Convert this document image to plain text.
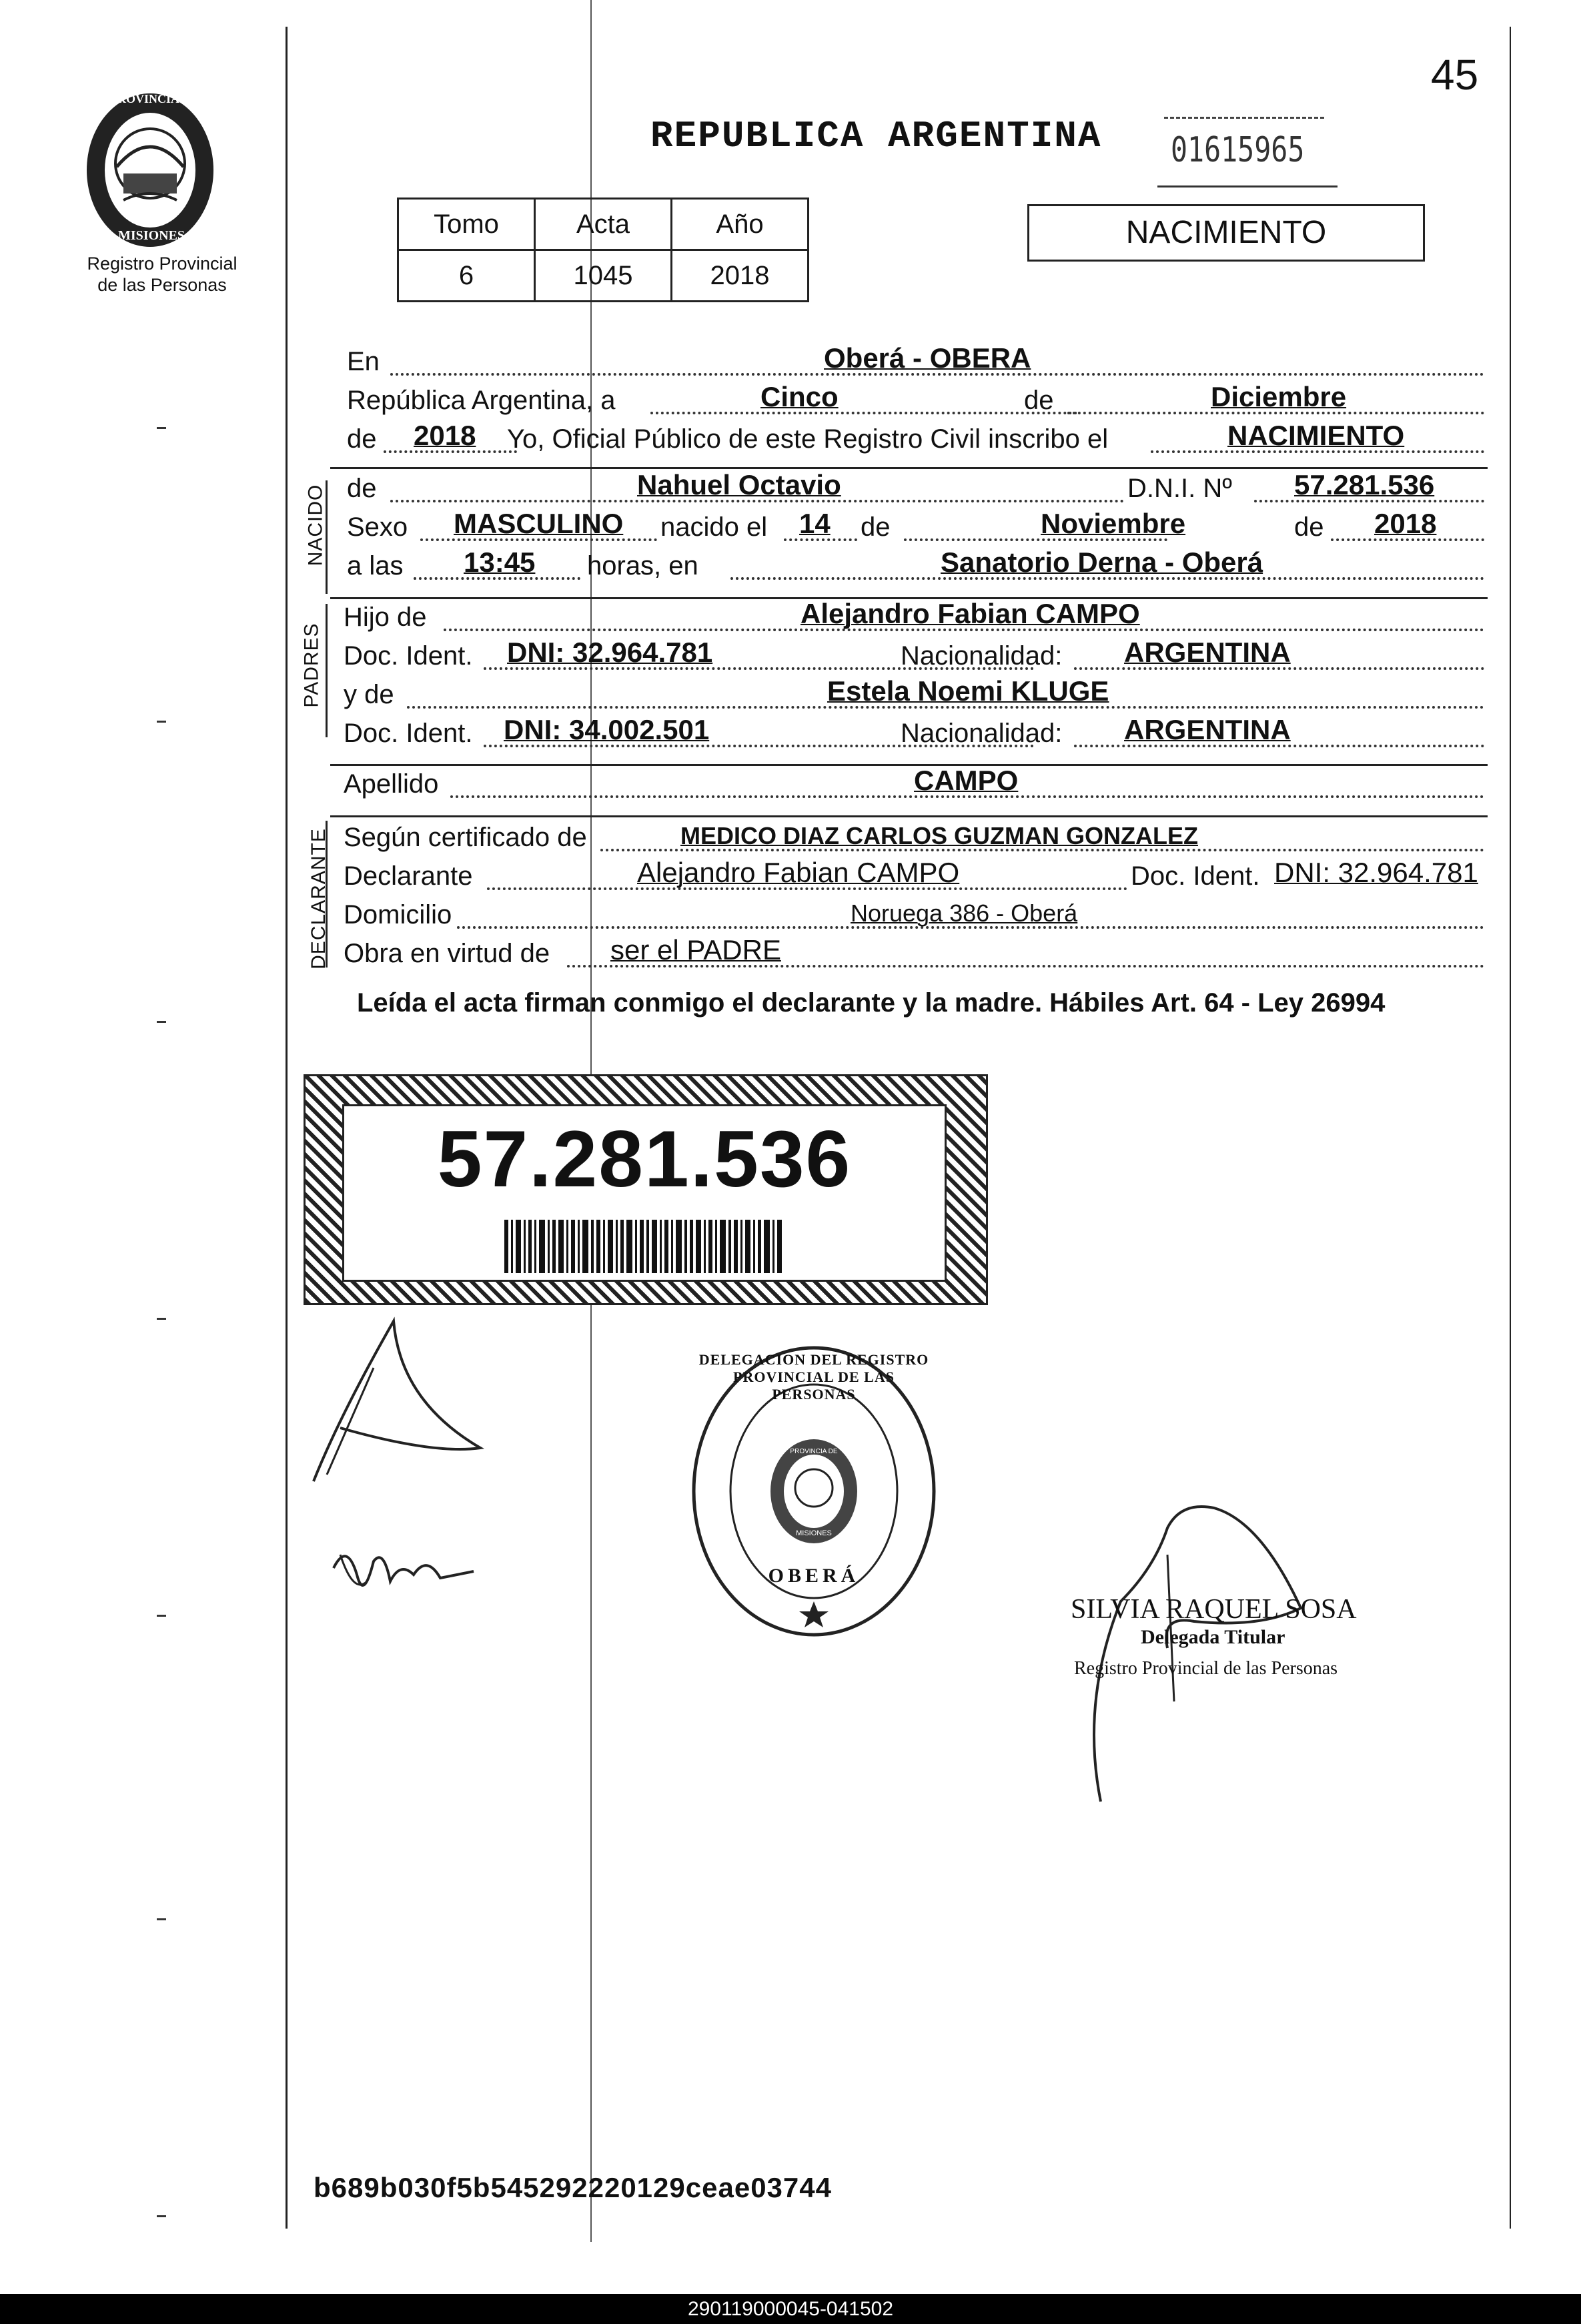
45
PROVINCIA DE
MISIONES
Registro Provincial
de las Personas
REPUBLICA ARGENTINA 01615965
Tomo	Acta	Año
6	1045	2018
NACIMIENTO
En	Oberá - OBERA
República Argentina, a	Cinco	de	Diciembre
de 2018 Yo, Oficial Público de este Registro Civil inscribo el	NACIMIENTO
NACIDO de	Nahuel Octavio	D.N.I. Nº 57.281.536
Sexo MASCULINO nacido el 14 de	Noviembre	de 2018
a las 13:45 horas, en	Sanatorio Derna - Oberá
PADRES
Hijo de	Alejandro Fabian CAMPO
Doc. Ident. DNI: 32.964.781	Nacionalidad: ARGENTINA
y de	Estela Noemi KLUGE
Doc. Ident. DNI: 34.002.501	Nacionalidad: ARGENTINA
Apellido	CAMPO
DECLARANTE Según certificado de	MEDICO DIAZ CARLOS GUZMAN GONZALEZ
Declarante	Alejandro Fabian CAMPO	Doc. Ident. DNI: 32.964.781
Domicilio	Noruega 386 - Oberá
Obra en virtud de ser el PADRE
Leída el acta firman conmigo el declarante y la madre. Hábiles Art. 64 - Ley 26994
57.281.536
DELEGACION DEL REGISTRO PROVINCIAL DE LAS PERSONAS
OBERÁ
PROVINCIA DE
MISIONES
SILVIA RAQUEL SOSA
Delegada Titular
Registro Provincial de las Personas
b689b030f5b545292220129ceae03744
290119000045-041502
